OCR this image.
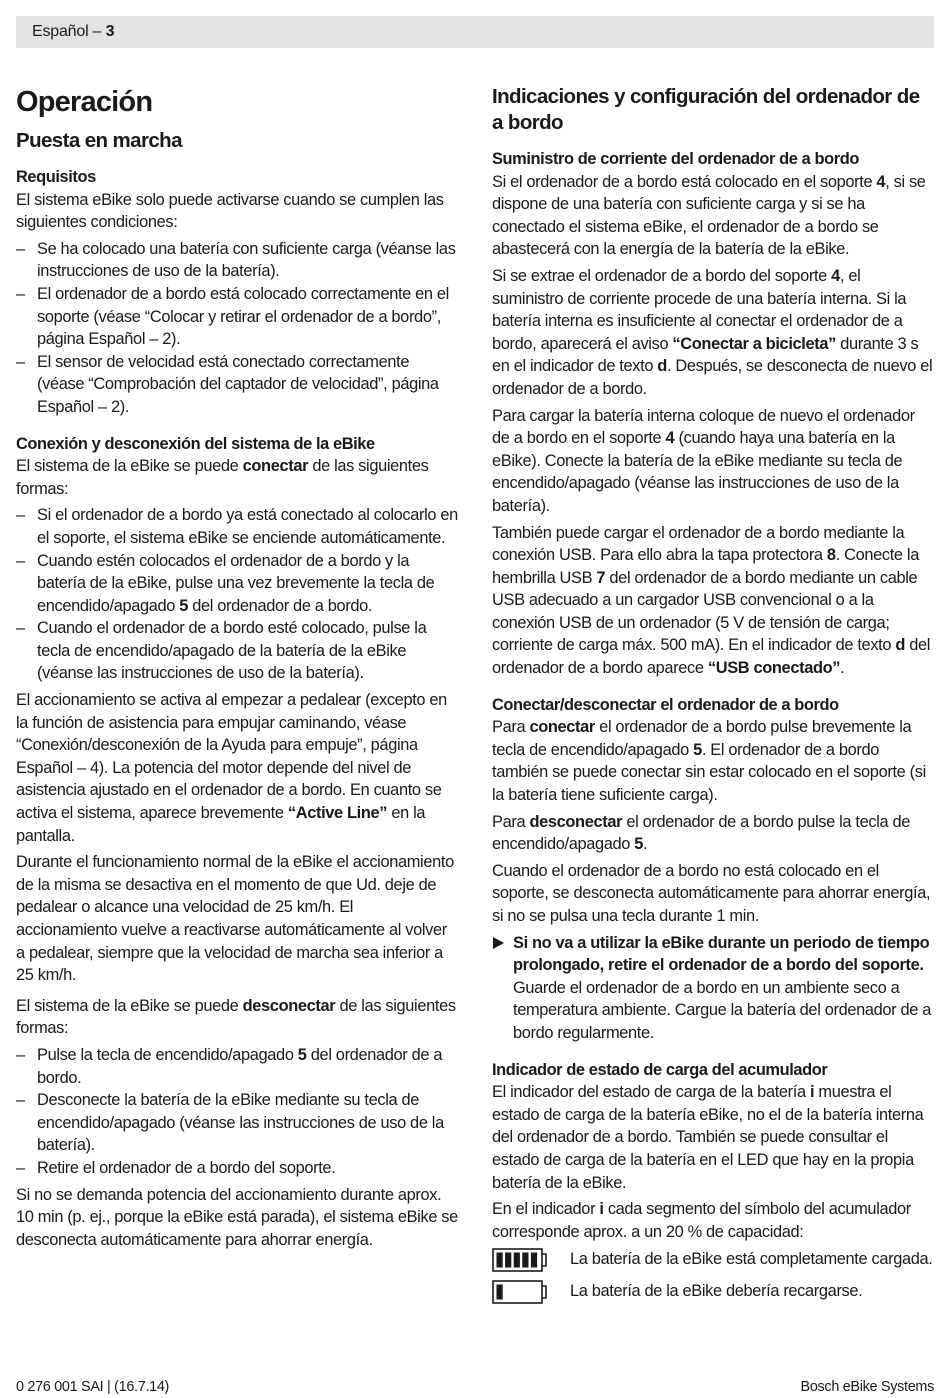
Español – 3
Operación
Puesta en marcha
Requisitos

El sistema eBike solo puede activarse cuando se cumplen las siguientes condiciones:

– Se ha colocado una batería con suficiente carga (véanse las instrucciones de uso de la batería).
– El ordenador de a bordo está colocado correctamente en el soporte (véase “Colocar y retirar el ordenador de a bordo”, página Español – 2).
– El sensor de velocidad está conectado correctamente (véase “Comprobación del captador de velocidad”, página Español – 2).
Conexión y desconexión del sistema de la eBike

El sistema de la eBike se puede conectar de las siguientes formas:

– Si el ordenador de a bordo ya está conectado al colocarlo en el soporte, el sistema eBike se enciende automáticamente.
– Cuando estén colocados el ordenador de a bordo y la batería de la eBike, pulse una vez brevemente la tecla de encendido/apagado 5 del ordenador de a bordo.
– Cuando el ordenador de a bordo esté colocado, pulse la tecla de encendido/apagado de la batería de la eBike (véanse las instrucciones de uso de la batería).

El accionamiento se activa al empezar a pedalear (excepto en la función de asistencia para empujar caminando, véase “Conexión/desconexión de la Ayuda para empuje”, página Español – 4). La potencia del motor depende del nivel de asistencia ajustado en el ordenador de a bordo. En cuanto se activa el sistema, aparece brevemente “Active Line” en la pantalla.

Durante el funcionamiento normal de la eBike el accionamiento de la misma se desactiva en el momento de que Ud. deje de pedalear o alcance una velocidad de 25 km/h. El accionamiento vuelve a reactivarse automáticamente al volver a pedalear, siempre que la velocidad de marcha sea inferior a 25 km/h.

El sistema de la eBike se puede desconectar de las siguientes formas:

– Pulse la tecla de encendido/apagado 5 del ordenador de a bordo.
– Desconecte la batería de la eBike mediante su tecla de encendido/apagado (véanse las instrucciones de uso de la batería).
– Retire el ordenador de a bordo del soporte.

Si no se demanda potencia del accionamiento durante aprox. 10 min (p. ej., porque la eBike está parada), el sistema eBike se desconecta automáticamente para ahorrar energía.

Indicaciones y configuración del ordenador de a bordo
Suministro de corriente del ordenador de a bordo

Si el ordenador de a bordo está colocado en el soporte 4, si se dispone de una batería con suficiente carga y si se ha conectado el sistema eBike, el ordenador de a bordo se abastecerá con la energía de la batería de la eBike.

Si se extrae el ordenador de a bordo del soporte 4, el suministro de corriente procede de una batería interna. Si la batería interna es insuficiente al conectar el ordenador de a bordo, aparecerá el aviso “Conectar a bicicleta” durante 3 s en el indicador de texto d. Después, se desconecta de nuevo el ordenador de a bordo.

Para cargar la batería interna coloque de nuevo el ordenador de a bordo en el soporte 4 (cuando haya una batería en la eBike). Conecte la batería de la eBike mediante su tecla de encendido/apagado (véanse las instrucciones de uso de la batería).

También puede cargar el ordenador de a bordo mediante la conexión USB. Para ello abra la tapa protectora 8. Conecte la hembrilla USB 7 del ordenador de a bordo mediante un cable USB adecuado a un cargador USB convencional o a la conexión USB de un ordenador (5 V de tensión de carga; corriente de carga máx. 500 mA). En el indicador de texto d del ordenador de a bordo aparece “USB conectado”.

Conectar/desconectar el ordenador de a bordo

Para conectar el ordenador de a bordo pulse brevemente la tecla de encendido/apagado 5. El ordenador de a bordo también se puede conectar sin estar colocado en el soporte (si la batería tiene suficiente carga).

Para desconectar el ordenador de a bordo pulse la tecla de encendido/apagado 5.

Cuando el ordenador de a bordo no está colocado en el soporte, se desconecta automáticamente para ahorrar energía, si no se pulsa una tecla durante 1 min.

Si no va a utilizar la eBike durante un periodo de tiempo prolongado, retire el ordenador de a bordo del soporte. Guarde el ordenador de a bordo en un ambiente seco a temperatura ambiente. Cargue la batería del ordenador de a bordo regularmente.
Indicador de estado de carga del acumulador

El indicador del estado de carga de la batería i muestra el estado de carga de la batería eBike, no el de la batería interna del ordenador de a bordo. También se puede consultar el estado de carga de la batería en el LED que hay en la propia batería de la eBike.

En el indicador i cada segmento del símbolo del acumulador corresponde aprox. a un 20 % de capacidad:

La batería de la eBike está completamente cargada.
La batería de la eBike debería recargarse.
0 276 001 SAI | (16.7.14)	Bosch eBike Systems
